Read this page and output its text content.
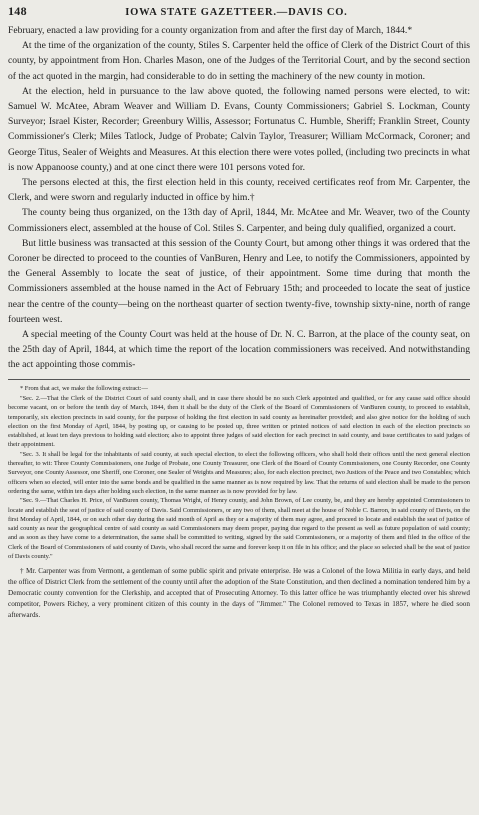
148	IOWA STATE GAZETTEER.—DAVIS CO.

February, enacted a law providing for a county organization from and after the first day of March, 1844.*

At the time of the organization of the county, Stiles S. Carpenter held the office of Clerk of the District Court of this county, by appointment from Hon. Charles Mason, one of the Judges of the Territorial Court, and by the second section of the act quoted in the margin, had considerable to do in setting the machinery of the new county in motion.

At the election, held in pursuance to the law above quoted, the following named persons were elected, to wit: Samuel W. McAtee, Abram Weaver and William D. Evans, County Commissioners; Gabriel S. Lockman, County Surveyor; Israel Kister, Recorder; Greenbury Willis, Assessor; Fortunatus C. Humble, Sheriff; Franklin Street, County Commissioner's Clerk; Miles Tatlock, Judge of Probate; Calvin Taylor, Treasurer; William McCormack, Coroner; and George Titus, Sealer of Weights and Measures. At this election there were votes polled, (including two precincts in what is now Appanoose county,) and at one cinct there were 101 persons voted for.

The persons elected at this, the first election held in this county, received certificates reof from Mr. Carpenter, the Clerk, and were sworn and regularly inducted in office by him.†

The county being thus organized, on the 13th day of April, 1844, Mr. McAtee and Mr. Weaver, two of the County Commissioners elect, assembled at the house of Col. Stiles S. Carpenter, and being duly qualified, organized a court.

But little business was transacted at this session of the County Court, but among other things it was ordered that the Coroner be directed to proceed to the counties of VanBuren, Henry and Lee, to notify the Commissioners, appointed by the General Assembly to locate the seat of justice, of their appointment. Some time during that month the Commissioners assembled at the house named in the Act of February 15th; and proceeded to locate the seat of justice near the centre of the county—being on the northeast quarter of section twenty-five, township sixty-nine, north of range fourteen west.

A special meeting of the County Court was held at the house of Dr. N. C. Barron, at the place of the county seat, on the 25th day of April, 1844, at which time the report of the location commissioners was received. And notwithstanding the act appointing those commis-

* From that act, we make the following extract:—

"Sec. 2.—That the Clerk of the District Court of said county shall, and in case there should be no such Clerk appointed and qualified, or for any cause said office should become vacant, on or before the tenth day of March, 1844, then it shall be the duty of the Clerk of the Board of Commissioners of VanBuren county, to proceed to establish, temporarily, six election precincts in said county, for the purpose of holding the first election in said county as hereinafter provided; and also give notice for the holding of such election on the first Monday of April, 1844, by posting up, or causing to be posted up, three written or printed notices of said election in each of the election precincts so established, at least ten days previous to holding said election; also to appoint three judges of said election for each precinct in said county, and issue certificates to said judges of their appointment.

"Sec. 3. It shall be legal for the inhabitants of said county, at such special election, to elect the following officers, who shall hold their offices until the next general election thereafter, to wit: Three County Commissioners, one Judge of Probate, one County Treasurer, one Clerk of the Board of County Commissioners, one County Recorder, one County Surveyor, one County Assessor, one Sheriff, one Coroner, one Sealer of Weights and Measures; also, for each election precinct, two Justices of the Peace and two Constables; which officers when so elected, will enter into the same bonds and be qualified in the same manner as is now required by law. That the returns of said election shall be made to the person ordering the same, within ten days after holding such election, in the same manner as is now provided for by law.

"Sec. 9.—That Charles H. Price, of VanBuren county, Thomas Wright, of Henry county, and John Brown, of Lee county, be, and they are hereby appointed Commissioners to locate and establish the seat of justice of said county of Davis. Said Commissioners, or any two of them, shall meet at the house of Noble C. Barron, in said county of Davis, on the first Monday of April, 1844, or on such other day during the said month of April as they or a majority of them may agree, and proceed to locate and establish the seat of justice of said county as near the geographical centre of said county as said Commissioners may deem proper, paying due regard to the present as well as future population of said county; and as soon as they have come to a determination, the same shall be committed to writing, signed by the said Commissioners, or a majority of them and filed in the office of the Clerk of the Board of Commissioners of said county of Davis, who shall record the same and forever keep it on file in his office; and the place so selected shall be the seat of justice of Davis county."

† Mr. Carpenter was from Vermont, a gentleman of some public spirit and private enterprise. He was a Colonel of the Iowa Militia in early days, and held the office of District Clerk from the settlement of the county until after the adoption of the State Constitution, and then declined a nomination tendered him by a Democratic county convention for the Clerkship, and accepted that of Prosecuting Attorney. To this latter office he was triumphantly elected over his shrewd competitor, Powers Richey, a very prominent citizen of this county in the days of "Jimmer." The Colonel removed to Texas in 1857, where he died soon afterwards.
